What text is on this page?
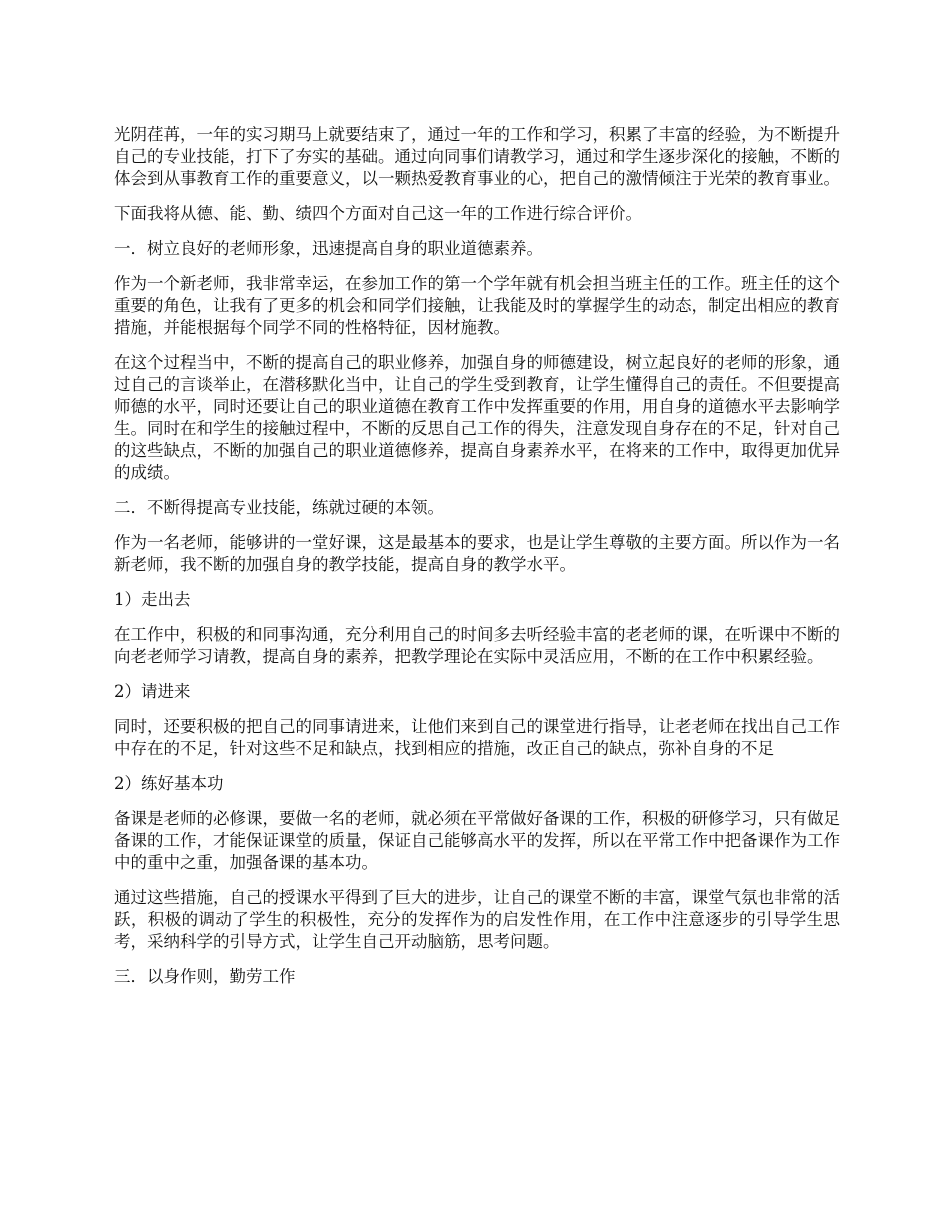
光阴荏苒，一年的实习期马上就要结束了，通过一年的工作和学习，积累了丰富的经验，为不断提升自己的专业技能，打下了夯实的基础。通过向同事们请教学习，通过和学生逐步深化的接触，不断的体会到从事教育工作的重要意义，以一颗热爱教育事业的心，把自己的激情倾注于光荣的教育事业。

下面我将从德、能、勤、绩四个方面对自己这一年的工作进行综合评价。

一．树立良好的老师形象，迅速提高自身的职业道德素养。

作为一个新老师，我非常幸运，在参加工作的第一个学年就有机会担当班主任的工作。班主任的这个重要的角色，让我有了更多的机会和同学们接触，让我能及时的掌握学生的动态，制定出相应的教育措施，并能根据每个同学不同的性格特征，因材施教。

在这个过程当中，不断的提高自己的职业修养，加强自身的师德建设，树立起良好的老师的形象，通过自己的言谈举止，在潜移默化当中，让自己的学生受到教育，让学生懂得自己的责任。不但要提高师德的水平，同时还要让自己的职业道德在教育工作中发挥重要的作用，用自身的道德水平去影响学生。同时在和学生的接触过程中，不断的反思自己工作的得失，注意发现自身存在的不足，针对自己的这些缺点，不断的加强自己的职业道德修养，提高自身素养水平，在将来的工作中，取得更加优异的成绩。

二．不断得提高专业技能，练就过硬的本领。

作为一名老师，能够讲的一堂好课，这是最基本的要求，也是让学生尊敬的主要方面。所以作为一名新老师，我不断的加强自身的教学技能，提高自身的教学水平。

1）走出去

在工作中，积极的和同事沟通，充分利用自己的时间多去听经验丰富的老老师的课，在听课中不断的向老老师学习请教，提高自身的素养，把教学理论在实际中灵活应用，不断的在工作中积累经验。

2）请进来

同时，还要积极的把自己的同事请进来，让他们来到自己的课堂进行指导，让老老师在找出自己工作中存在的不足，针对这些不足和缺点，找到相应的措施，改正自己的缺点，弥补自身的不足

2）练好基本功

备课是老师的必修课，要做一名的老师，就必须在平常做好备课的工作，积极的研修学习，只有做足备课的工作，才能保证课堂的质量，保证自己能够高水平的发挥，所以在平常工作中把备课作为工作中的重中之重，加强备课的基本功。

通过这些措施，自己的授课水平得到了巨大的进步，让自己的课堂不断的丰富，课堂气氛也非常的活跃，积极的调动了学生的积极性，充分的发挥作为的启发性作用，在工作中注意逐步的引导学生思考，采纳科学的引导方式，让学生自己开动脑筋，思考问题。

三．以身作则，勤劳工作
